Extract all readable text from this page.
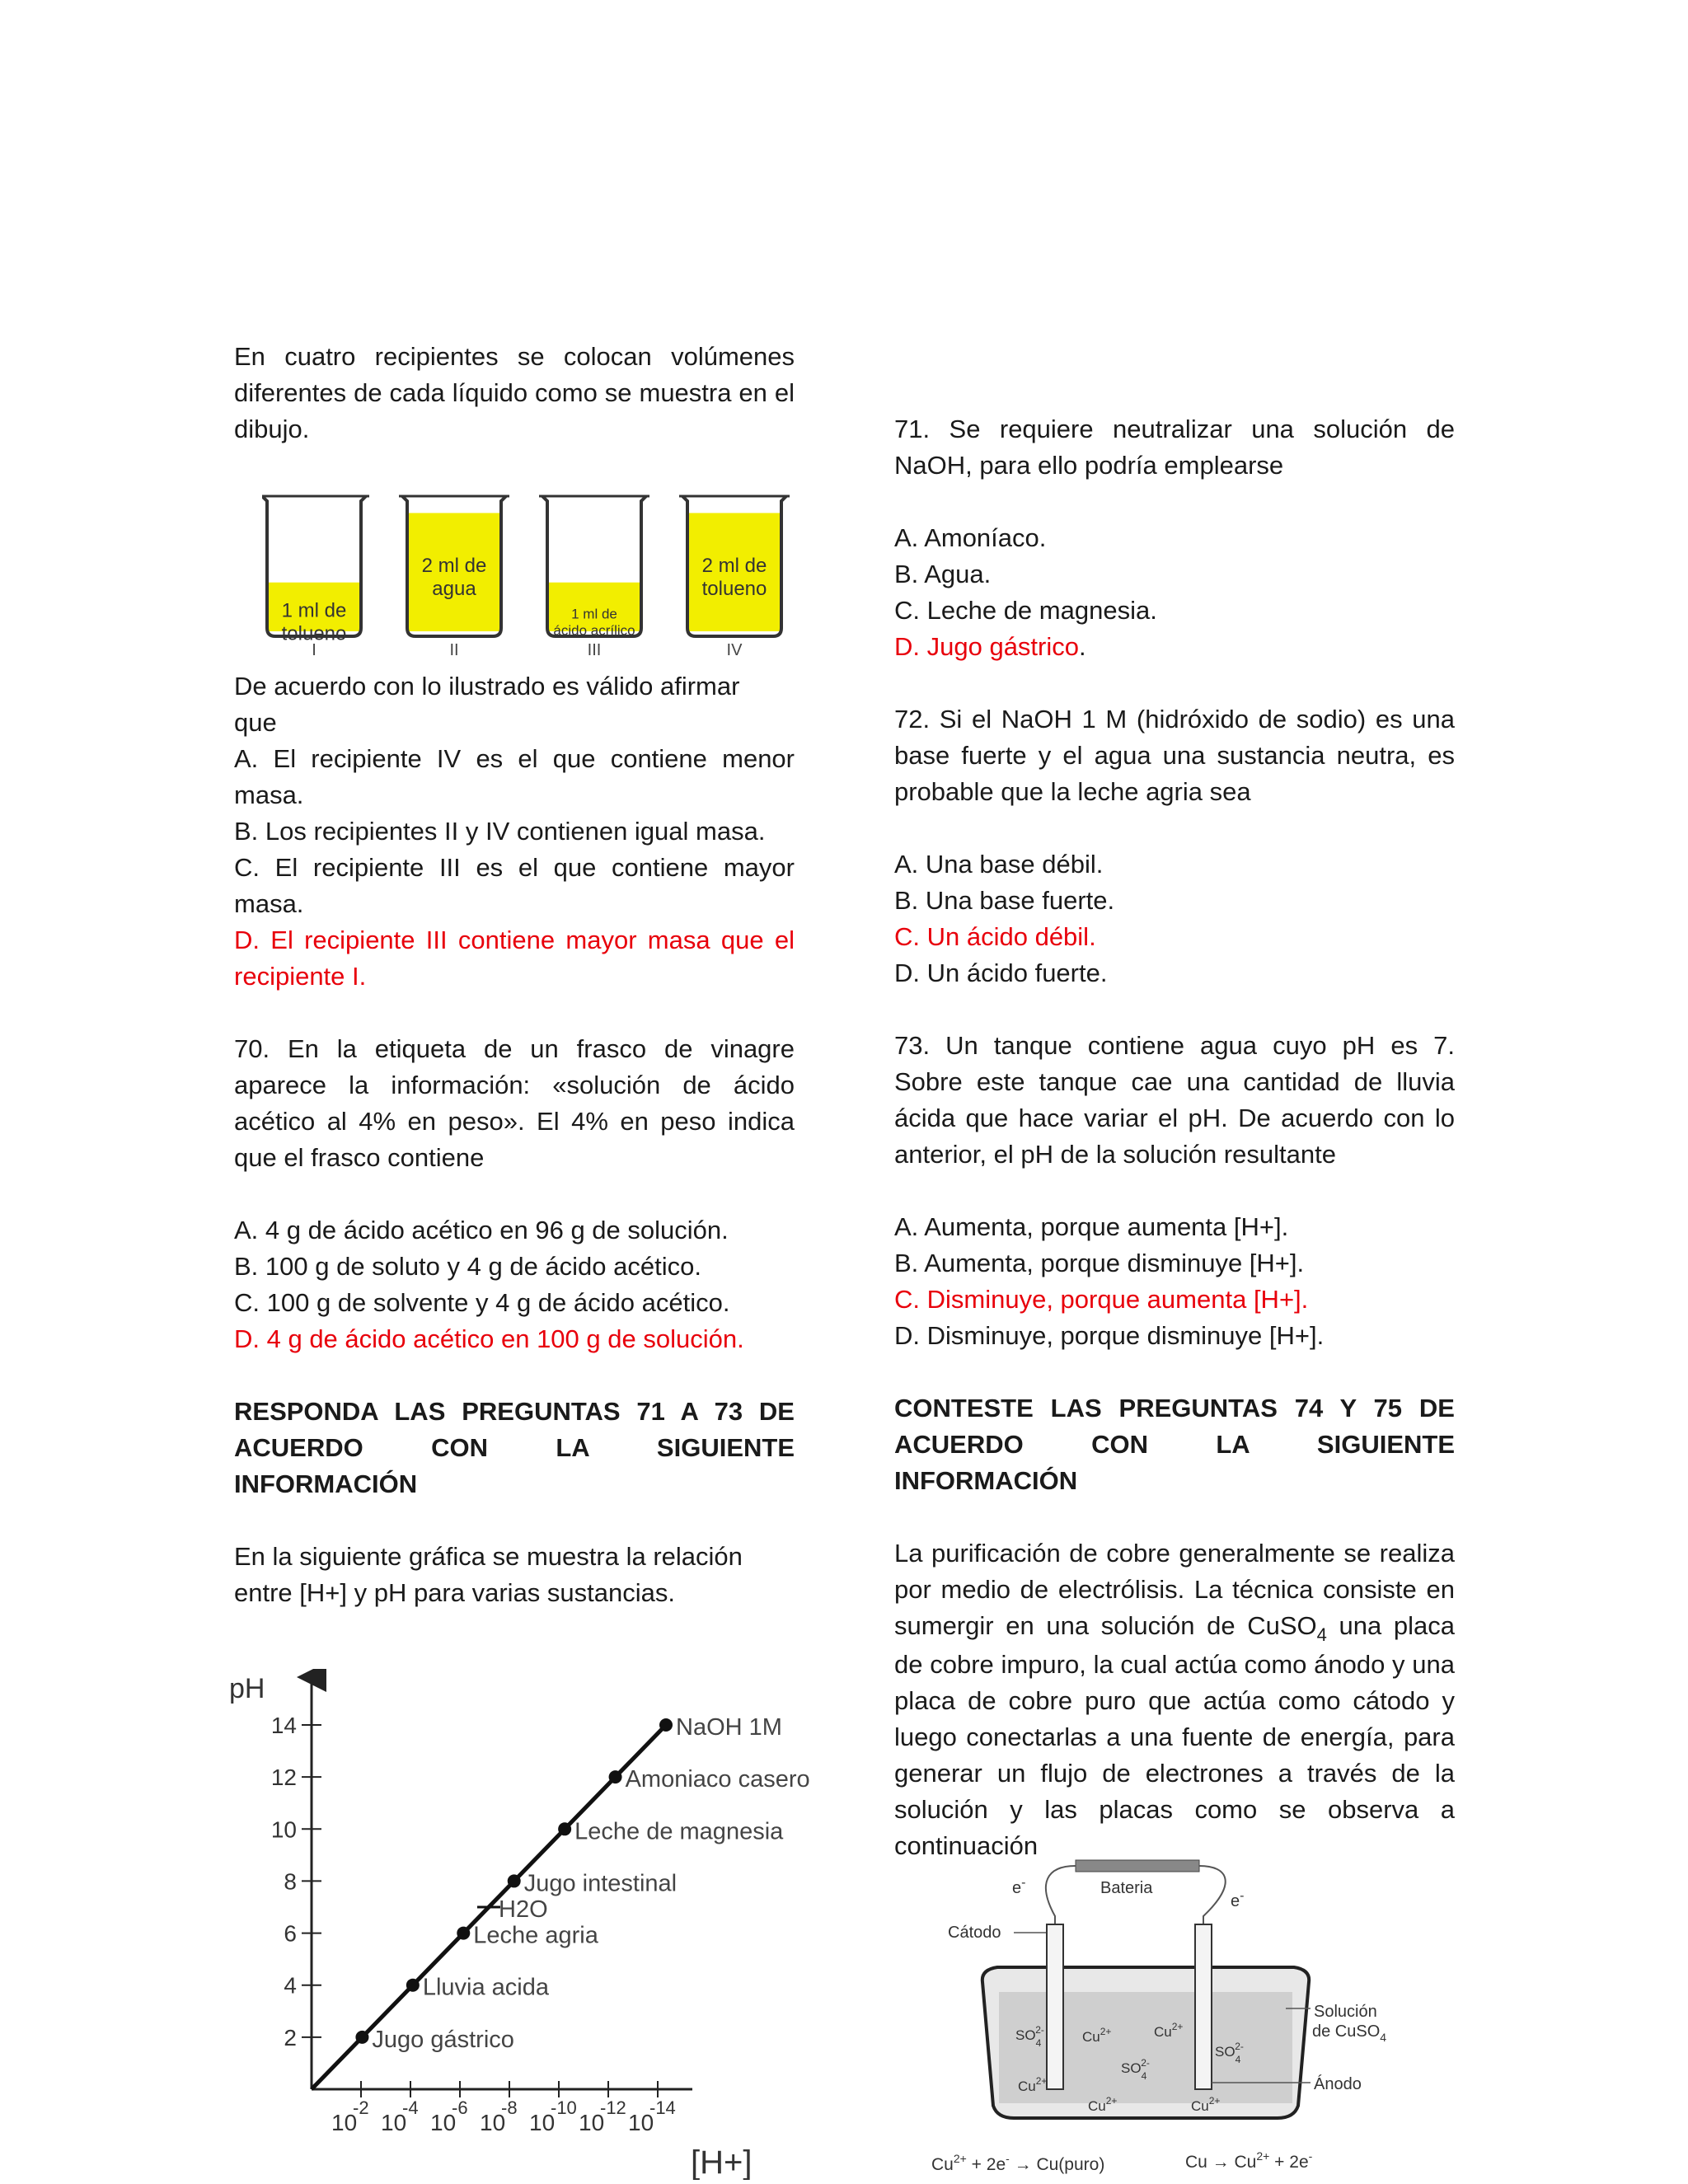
En cuatro recipientes se colocan volúmenes diferentes de cada líquido como se muestra en el dibujo.

1 ml de
tolueno
I
2 ml de
agua
II
1 ml de
ácido acrílico
III
2 ml de
tolueno
IV

De acuerdo con lo ilustrado es válido afirmar

que

A. El recipiente IV es el que contiene menor masa.

B. Los recipientes II y IV contienen igual masa.

C. El recipiente III es el que contiene mayor masa.

D. El recipiente III contiene mayor masa que el recipiente I.

70. En la etiqueta de un frasco de vinagre aparece la información: «solución de ácido acético al 4% en peso». El 4% en peso indica que el frasco contiene

A. 4 g de ácido acético en 96 g de solución.

B. 100 g de soluto y 4 g de ácido acético.

C. 100 g de solvente y 4 g de ácido acético.

D. 4 g de ácido acético en 100 g de solución.

RESPONDA LAS PREGUNTAS 71 A 73 DE ACUERDO CON LA SIGUIENTE INFORMACIÓN

En la siguiente gráfica se muestra la relación entre [H+] y pH para varias sustancias.

pH
2
4
6
8
10
12
14
10
-2
10
-4
10
-6
10
-8
10
-10
10
-12
10
-14
Jugo gástrico
Lluvia acida
Leche agria
H2O
Jugo intestinal
Leche de magnesia
Amoniaco casero
NaOH 1M
[H+]

71. Se requiere neutralizar una solución de NaOH, para ello podría emplearse

A. Amoníaco.

B. Agua.

C. Leche de magnesia.

D. Jugo gástrico.

72. Si el NaOH 1 M (hidróxido de sodio) es una base fuerte y el agua una sustancia neutra, es probable que la leche agria sea

A. Una base débil.

B. Una base fuerte.

C. Un ácido débil.

D. Un ácido fuerte.

73. Un tanque contiene agua cuyo pH es 7. Sobre este tanque cae una cantidad de lluvia ácida que hace variar el pH. De acuerdo con lo anterior, el pH de la solución resultante

A. Aumenta, porque aumenta [H+].

B. Aumenta, porque disminuye [H+].

C. Disminuye, porque aumenta [H+].

D. Disminuye, porque disminuye [H+].

CONTESTE LAS PREGUNTAS 74 Y 75 DE ACUERDO CON LA SIGUIENTE INFORMACIÓN

La purificación de cobre generalmente se realiza por medio de electrólisis. La técnica consiste en sumergir en una solución de CuSO$_4$ una placa de cobre impuro, la cual actúa como ánodo y una placa de cobre puro que actúa como cátodo y luego conectarlas a una fuente de energía, para generar un flujo de electrones a través de la solución y las placas como se observa a continuación

Bateria
e-
e-
Cátodo
$SO_42-$	$Cu^{2+}$	$Cu^{2+}$
$SO_42-$
$SO_42-$
$Cu^{2+}$
$Cu^{2+}$	$Cu^{2+}$
Solución
de CuSO$_4$
Ánodo
$Cu^{2+} + 2e^-$ → Cu(puro)	$Cu \to Cu^{2+} + 2e^-$
